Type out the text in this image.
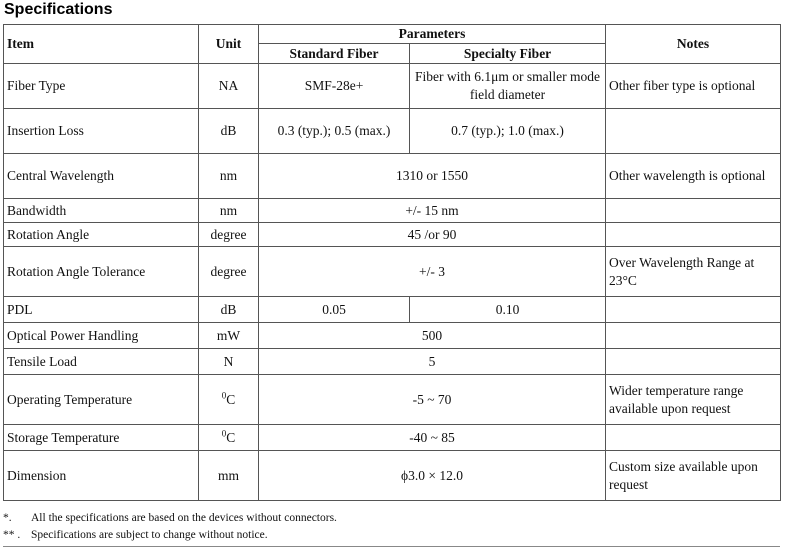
Specifications
Item	Unit	Parameters		Notes
		Standard Fiber	Specialty Fiber	
Fiber Type	NA	SMF-28e+	Fiber with 6.1μm or smaller mode field diameter	Other fiber type is optional
Insertion Loss	dB	0.3 (typ.); 0.5 (max.)	0.7 (typ.); 1.0 (max.)	
Central Wavelength	nm	1310 or 1550		Other wavelength is optional
Bandwidth	nm	+/- 15 nm		
Rotation Angle	degree	45 /or 90		
Rotation Angle Tolerance	degree	+/- 3		Over Wavelength Range at 23°C
PDL	dB	0.05	0.10	
Optical Power Handling	mW	500		
Tensile Load	N	5		
Operating Temperature	$^0$C	-5 ~ 70		Wider temperature range available upon request
Storage Temperature	$^0$C	-40 ~ 85		
Dimension	mm	ϕ3.0 × 12.0		Custom size available upon request
*. All the specifications are based on the devices without connectors.
** . Specifications are subject to change without notice.
